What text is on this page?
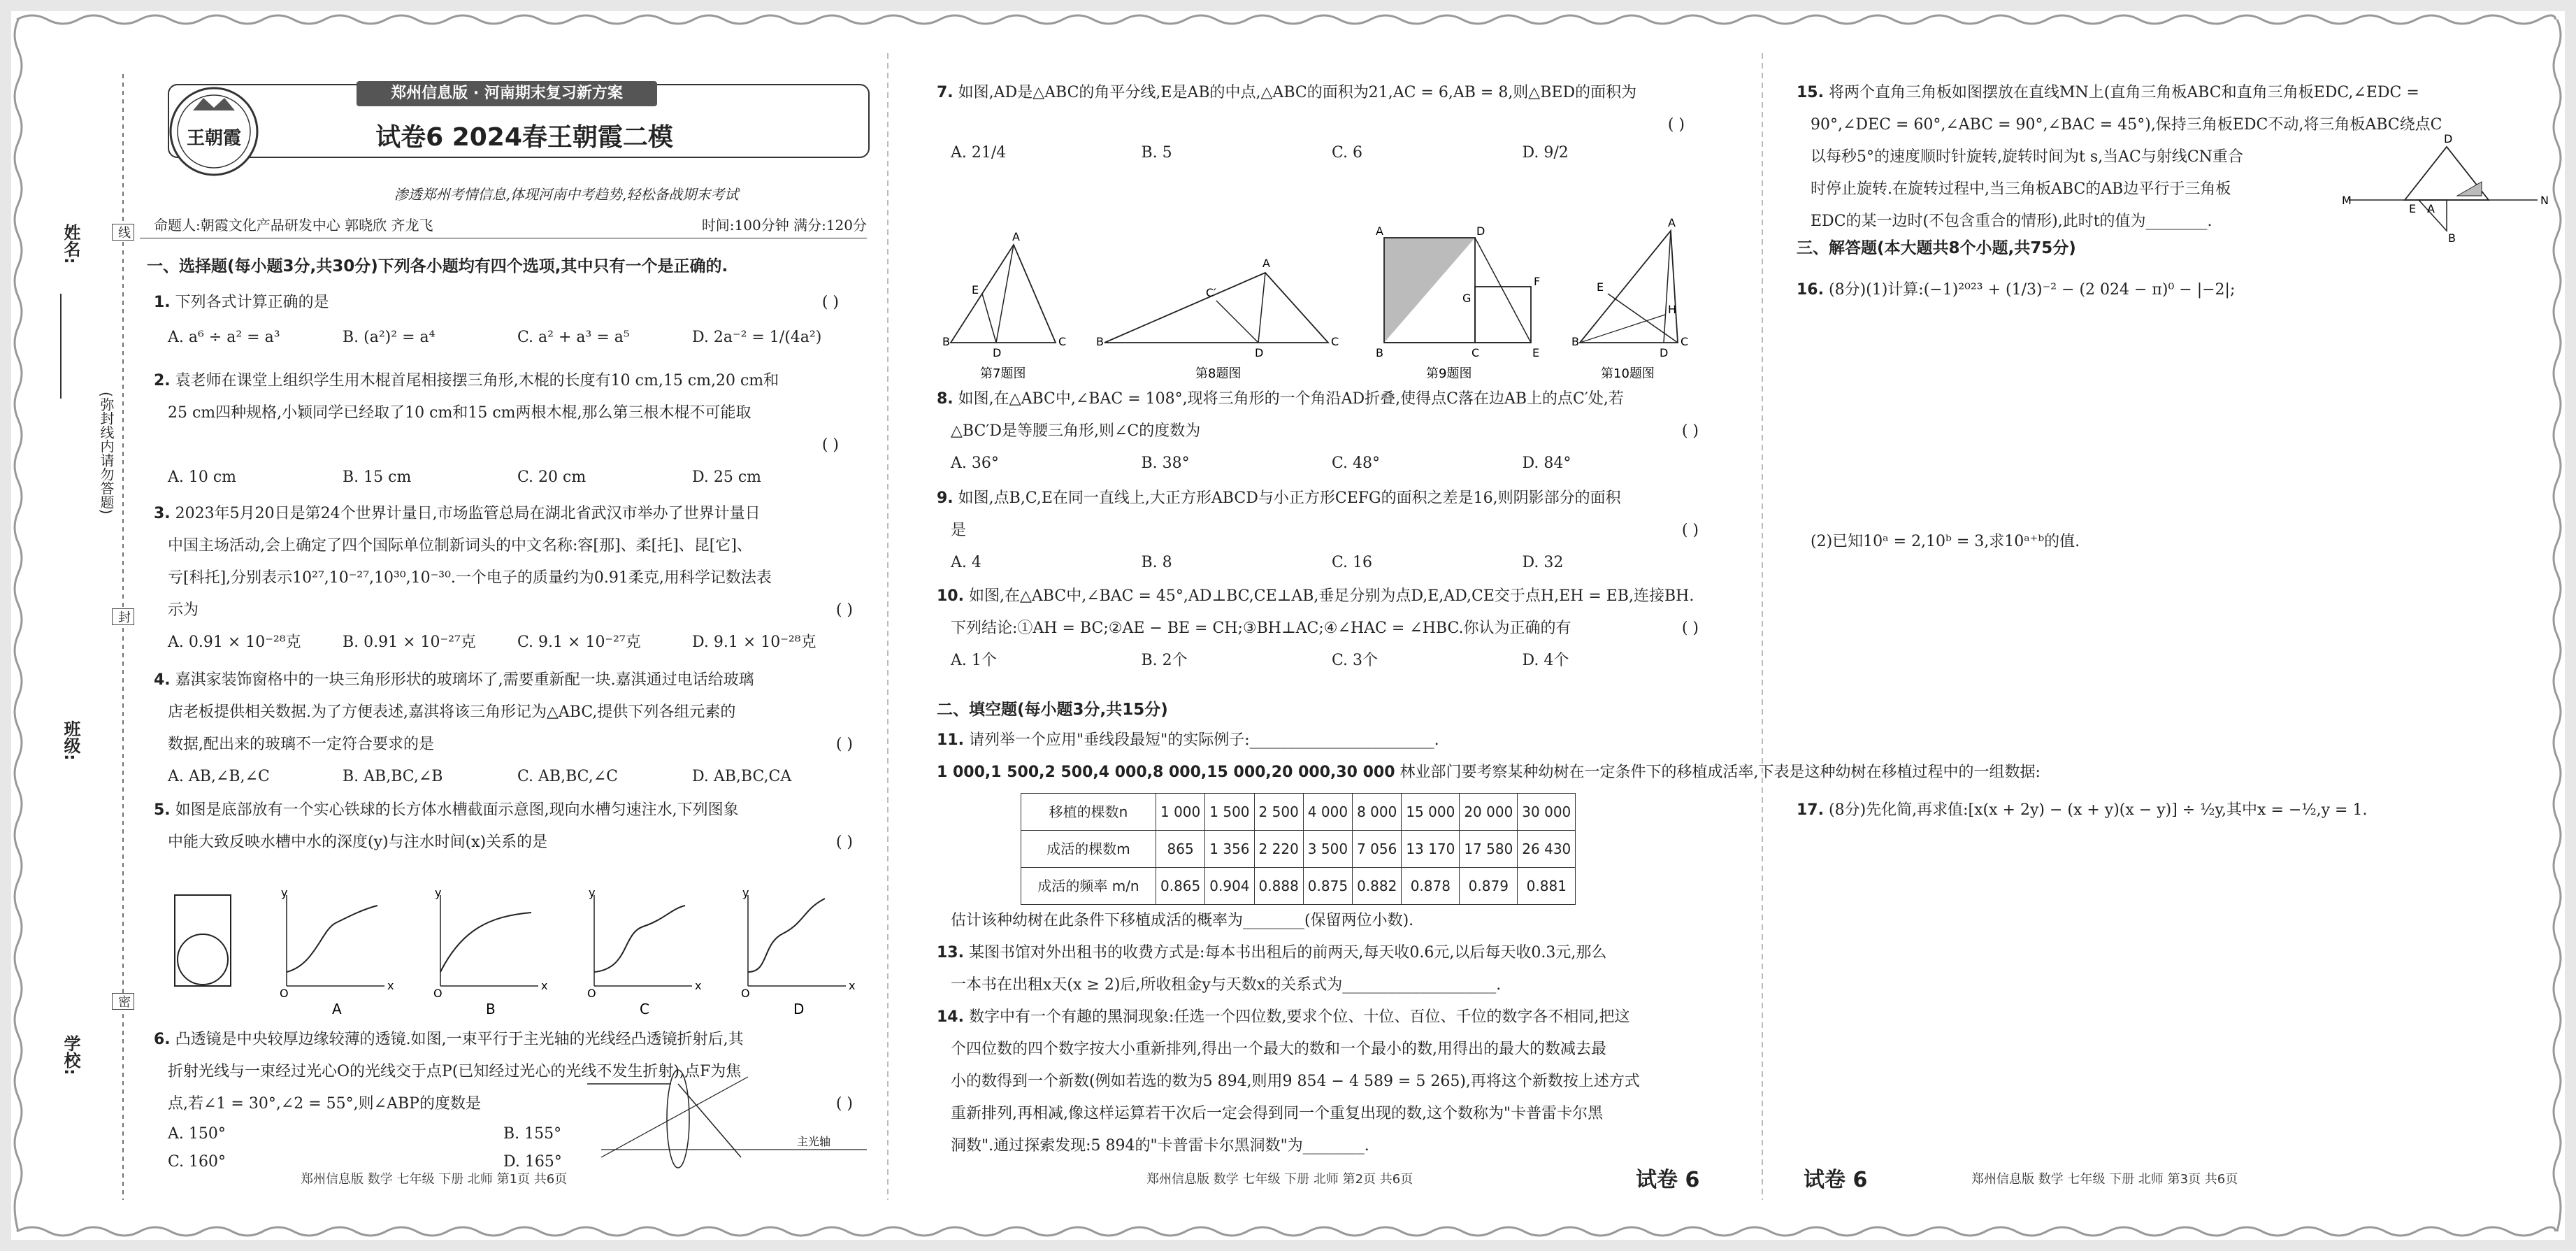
姓名:
班级:
学校:
(弥封线内请勿答题)
线
封
密
郑州信息版 · 河南期末复习新方案
试卷6 2024春王朝霞二模
王朝霞
渗透郑州考情信息,体现河南中考趋势,轻松备战期末考试
命题人:朝霞文化产品研发中心 郭晓欣 齐龙飞	时间:100分钟 满分:120分
一、选择题(每小题3分,共30分)下列各小题均有四个选项,其中只有一个是正确的.
1. 下列各式计算正确的是	( )
A. a⁶ ÷ a² = a³	B. (a²)² = a⁴	C. a² + a³ = a⁵	D. 2a⁻² = 1/(4a²)
2. 袁老师在课堂上组织学生用木棍首尾相接摆三角形,木棍的长度有10 cm,15 cm,20 cm和
25 cm四种规格,小颖同学已经取了10 cm和15 cm两根木棍,那么第三根木棍不可能取
( )
A. 10 cm	B. 15 cm	C. 20 cm	D. 25 cm
3. 2023年5月20日是第24个世界计量日,市场监管总局在湖北省武汉市举办了世界计量日
中国主场活动,会上确定了四个国际单位制新词头的中文名称:容[那]、柔[托]、昆[它]、
亏[科托],分别表示10²⁷,10⁻²⁷,10³⁰,10⁻³⁰.一个电子的质量约为0.91柔克,用科学记数法表
示为	( )
A. 0.91 × 10⁻²⁸克	B. 0.91 × 10⁻²⁷克	C. 9.1 × 10⁻²⁷克	D. 9.1 × 10⁻²⁸克
4. 嘉淇家装饰窗格中的一块三角形形状的玻璃坏了,需要重新配一块.嘉淇通过电话给玻璃
店老板提供相关数据.为了方便表述,嘉淇将该三角形记为△ABC,提供下列各组元素的
数据,配出来的玻璃不一定符合要求的是	( )
A. AB,∠B,∠C	B. AB,BC,∠B	C. AB,BC,∠C	D. AB,BC,CA
5. 如图是底部放有一个实心铁球的长方体水槽截面示意图,现向水槽匀速注水,下列图象
中能大致反映水槽中水的深度(y)与注水时间(x)关系的是	( )
y
x
O
A
y
x
O
B
y
x
O
C
y
x
O
D
6. 凸透镜是中央较厚边缘较薄的透镜.如图,一束平行于主光轴的光线经凸透镜折射后,其
折射光线与一束经过光心O的光线交于点P(已知经过光心的光线不发生折射),点F为焦
点,若∠1 = 30°,∠2 = 55°,则∠ABP的度数是	( )
A. 150°	B. 155°
C. 160°	D. 165°
主光轴
郑州信息版 数学 七年级 下册 北师 第1页 共6页
7. 如图,AD是△ABC的角平分线,E是AB的中点,△ABC的面积为21,AC = 6,AB = 8,则△BED的面积为
( )
A. 21/4	B. 5	C. 6	D. 9/2
A
B
D
C
E
第7题图
A
B
D
C
C′
第8题图
A	D
B	C	E
F
G
第9题图
A
B
D
C
E
H
第10题图
8. 如图,在△ABC中,∠BAC = 108°,现将三角形的一个角沿AD折叠,使得点C落在边AB上的点C′处,若
△BC′D是等腰三角形,则∠C的度数为	( )
A. 36°	B. 38°	C. 48°	D. 84°
9. 如图,点B,C,E在同一直线上,大正方形ABCD与小正方形CEFG的面积之差是16,则阴影部分的面积
是	( )
A. 4	B. 8	C. 16	D. 32
10. 如图,在△ABC中,∠BAC = 45°,AD⊥BC,CE⊥AB,垂足分别为点D,E,AD,CE交于点H,EH = EB,连接BH.
下列结论:①AH = BC;②AE − BE = CH;③BH⊥AC;④∠HAC = ∠HBC.你认为正确的有	( )
A. 1个	B. 2个	C. 3个	D. 4个
二、填空题(每小题3分,共15分)
11. 请列举一个应用"垂线段最短"的实际例子:________________________.
1 000,1 500,2 500,4 000,8 000,15 000,20 000,30 000 林业部门要考察某种幼树在一定条件下的移植成活率,下表是这种幼树在移植过程中的一组数据:
移植的棵数n	1 000	1 500	2 500	4 000	8 000	15 000	20 000	30 000
成活的棵数m	865	1 356	2 220	3 500	7 056	13 170	17 580	26 430
成活的频率 m/n	0.865	0.904	0.888	0.875	0.882	0.878	0.879	0.881
估计该种幼树在此条件下移植成活的概率为________(保留两位小数).
13. 某图书馆对外出租书的收费方式是:每本书出租后的前两天,每天收0.6元,以后每天收0.3元,那么
一本书在出租x天(x ≥ 2)后,所收租金y与天数x的关系式为____________________.
14. 数字中有一个有趣的黑洞现象:任选一个四位数,要求个位、十位、百位、千位的数字各不相同,把这
个四位数的四个数字按大小重新排列,得出一个最大的数和一个最小的数,用得出的最大的数减去最
小的数得到一个新数(例如若选的数为5 894,则用9 854 − 4 589 = 5 265),再将这个新数按上述方式
重新排列,再相减,像这样运算若干次后一定会得到同一个重复出现的数,这个数称为"卡普雷卡尔黑
洞数".通过探索发现:5 894的"卡普雷卡尔黑洞数"为________.
郑州信息版 数学 七年级 下册 北师 第2页 共6页	试卷 6
15. 将两个直角三角板如图摆放在直线MN上(直角三角板ABC和直角三角板EDC,∠EDC =
90°,∠DEC = 60°,∠ABC = 90°,∠BAC = 45°),保持三角板EDC不动,将三角板ABC绕点C
以每秒5°的速度顺时针旋转,旋转时间为t s,当AC与射线CN重合
时停止旋转.在旋转过程中,当三角板ABC的AB边平行于三角板
EDC的某一边时(不包含重合的情形),此时t的值为________.
M	N
D
E A
B
三、解答题(本大题共8个小题,共75分)
16. (8分)(1)计算:(−1)²⁰²³ + (1/3)⁻² − (2 024 − π)⁰ − |−2|;
(2)已知10ᵃ = 2,10ᵇ = 3,求10ᵃ⁺ᵇ的值.
17. (8分)先化简,再求值:[x(x + 2y) − (x + y)(x − y)] ÷ ½y,其中x = −½,y = 1.
试卷 6	郑州信息版 数学 七年级 下册 北师 第3页 共6页
